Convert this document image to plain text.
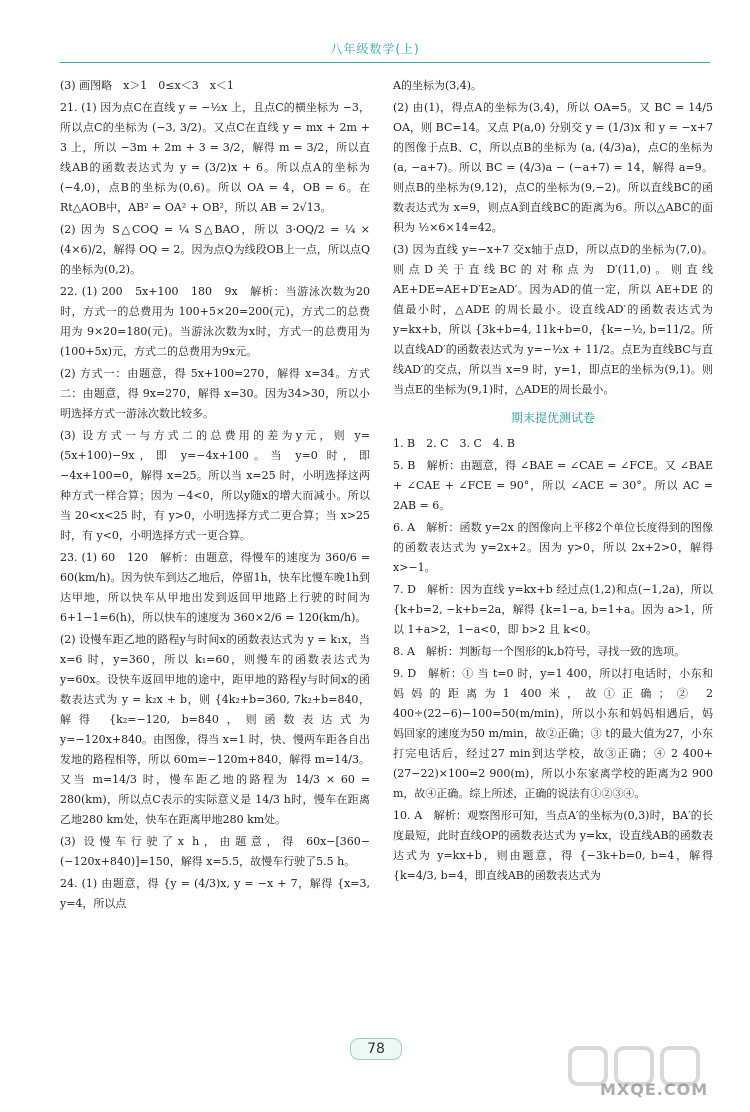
八年级数学(上)

(3) 画图略　x＞1　0≤x＜3　x＜1

21. (1) 因为点C在直线 y = −½x 上，且点C的横坐标为 −3，所以点C的坐标为 (−3, 3/2)。又点C在直线 y = mx + 2m + 3 上，所以 −3m + 2m + 3 = 3/2，解得 m = 3/2，所以直线AB的函数表达式为 y = (3/2)x + 6。所以点A的坐标为(−4,0)，点B的坐标为(0,6)。所以 OA = 4，OB = 6。在Rt△AOB中，AB² = OA² + OB²，所以 AB = 2√13。

(2) 因为 S△COQ = ¼ S△BAO，所以 3·OQ/2 = ¼ × (4×6)/2，解得 OQ = 2。因为点Q为线段OB上一点，所以点Q的坐标为(0,2)。

22. (1) 200　5x+100　180　9x　解析：当游泳次数为20时，方式一的总费用为 100+5×20=200(元)，方式二的总费用为 9×20=180(元)。当游泳次数为x时，方式一的总费用为(100+5x)元，方式二的总费用为9x元。

(2) 方式一：由题意，得 5x+100=270，解得 x=34。方式二：由题意，得 9x=270，解得 x=30。因为34>30，所以小明选择方式一游泳次数比较多。

(3) 设方式一与方式二的总费用的差为y元，则 y=(5x+100)−9x，即 y=−4x+100。当 y=0 时，即 −4x+100=0，解得 x=25。所以当 x=25 时，小明选择这两种方式一样合算；因为 −4<0，所以y随x的增大而减小。所以当 20<x<25 时，有 y>0，小明选择方式二更合算；当 x>25 时，有 y<0，小明选择方式一更合算。

23. (1) 60　120　解析：由题意，得慢车的速度为 360/6 = 60(km/h)。因为快车到达乙地后，停留1h，快车比慢车晚1h到达甲地，所以快车从甲地出发到返回甲地路上行驶的时间为 6+1−1=6(h)，所以快车的速度为 360×2/6 = 120(km/h)。

(2) 设慢车距乙地的路程y与时间x的函数表达式为 y = k₁x，当 x=6 时，y=360，所以 k₁=60，则慢车的函数表达式为 y=60x。设快车返回甲地的途中，距甲地的路程y与时间x的函数表达式为 y = k₂x + b，则 {4k₂+b=360, 7k₂+b=840，解得 {k₂=−120, b=840，则函数表达式为 y=−120x+840。由图像，得当 x=1 时，快、慢两车距各自出发地的路程相等，所以 60m=−120m+840，解得 m=14/3。又当 m=14/3 时，慢车距乙地的路程为 14/3 × 60 = 280(km)，所以点C表示的实际意义是 14/3 h时，慢车在距离乙地280 km处，快车在距离甲地280 km处。

(3) 设慢车行驶了x h，由题意，得 60x−[360−(−120x+840)]=150，解得 x=5.5，故慢车行驶了5.5 h。

24. (1) 由题意，得 {y = (4/3)x, y = −x + 7，解得 {x=3, y=4，所以点

A的坐标为(3,4)。

(2) 由(1)，得点A的坐标为(3,4)，所以 OA=5。又 BC = 14/5 OA，则 BC=14。又点 P(a,0) 分别交 y = (1/3)x 和 y = −x+7 的图像于点B、C，所以点B的坐标为 (a, (4/3)a)，点C的坐标为 (a, −a+7)。所以 BC = (4/3)a − (−a+7) = 14，解得 a=9。则点B的坐标为(9,12)，点C的坐标为(9,−2)。所以直线BC的函数表达式为 x=9，则点A到直线BC的距离为6。所以△ABC的面积为 ½×6×14=42。

(3) 因为直线 y=−x+7 交x轴于点D，所以点D的坐标为(7,0)。则点D关于直线BC的对称点为 D′(11,0)。则直线 AE+DE=AE+D′E≥AD′。因为AD的值一定，所以 AE+DE 的值最小时，△ADE 的周长最小。设直线AD′的函数表达式为 y=kx+b，所以 {3k+b=4, 11k+b=0，{k=−½, b=11/2。所以直线AD′的函数表达式为 y=−½x + 11/2。点E为直线BC与直线AD′的交点，所以当 x=9 时，y=1，即点E的坐标为(9,1)。则当点E的坐标为(9,1)时，△ADE的周长最小。

期末提优测试卷

1. B　2. C　3. C　4. B

5. B　解析：由题意，得 ∠BAE = ∠CAE = ∠FCE。又 ∠BAE + ∠CAE + ∠FCE = 90°，所以 ∠ACE = 30°。所以 AC = 2AB = 6。

6. A　解析：函数 y=2x 的图像向上平移2个单位长度得到的图像的函数表达式为 y=2x+2。因为 y>0，所以 2x+2>0，解得 x>−1。

7. D　解析：因为直线 y=kx+b 经过点(1,2)和点(−1,2a)，所以 {k+b=2, −k+b=2a，解得 {k=1−a, b=1+a。因为 a>1，所以 1+a>2，1−a<0，即 b>2 且 k<0。

8. A　解析：判断每一个图形的k,b符号，寻找一致的选项。

9. D　解析：① 当 t=0 时，y=1 400，所以打电话时，小东和妈妈的距离为1 400米，故①正确；② 2 400÷(22−6)−100=50(m/min)，所以小东和妈妈相遇后，妈妈回家的速度为50 m/min，故②正确；③ t的最大值为27，小东打完电话后，经过27 min到达学校，故③正确；④ 2 400+(27−22)×100=2 900(m)，所以小东家离学校的距离为2 900 m，故④正确。综上所述，正确的说法有①②③④。

10. A　解析：观察图形可知，当点A′的坐标为(0,3)时，BA′的长度最短，此时直线OP的函数表达式为 y=kx，设直线AB的函数表达式为 y=kx+b，则由题意，得 {−3k+b=0, b=4，解得 {k=4/3, b=4，即直线AB的函数表达式为

78
MXQE.COM
